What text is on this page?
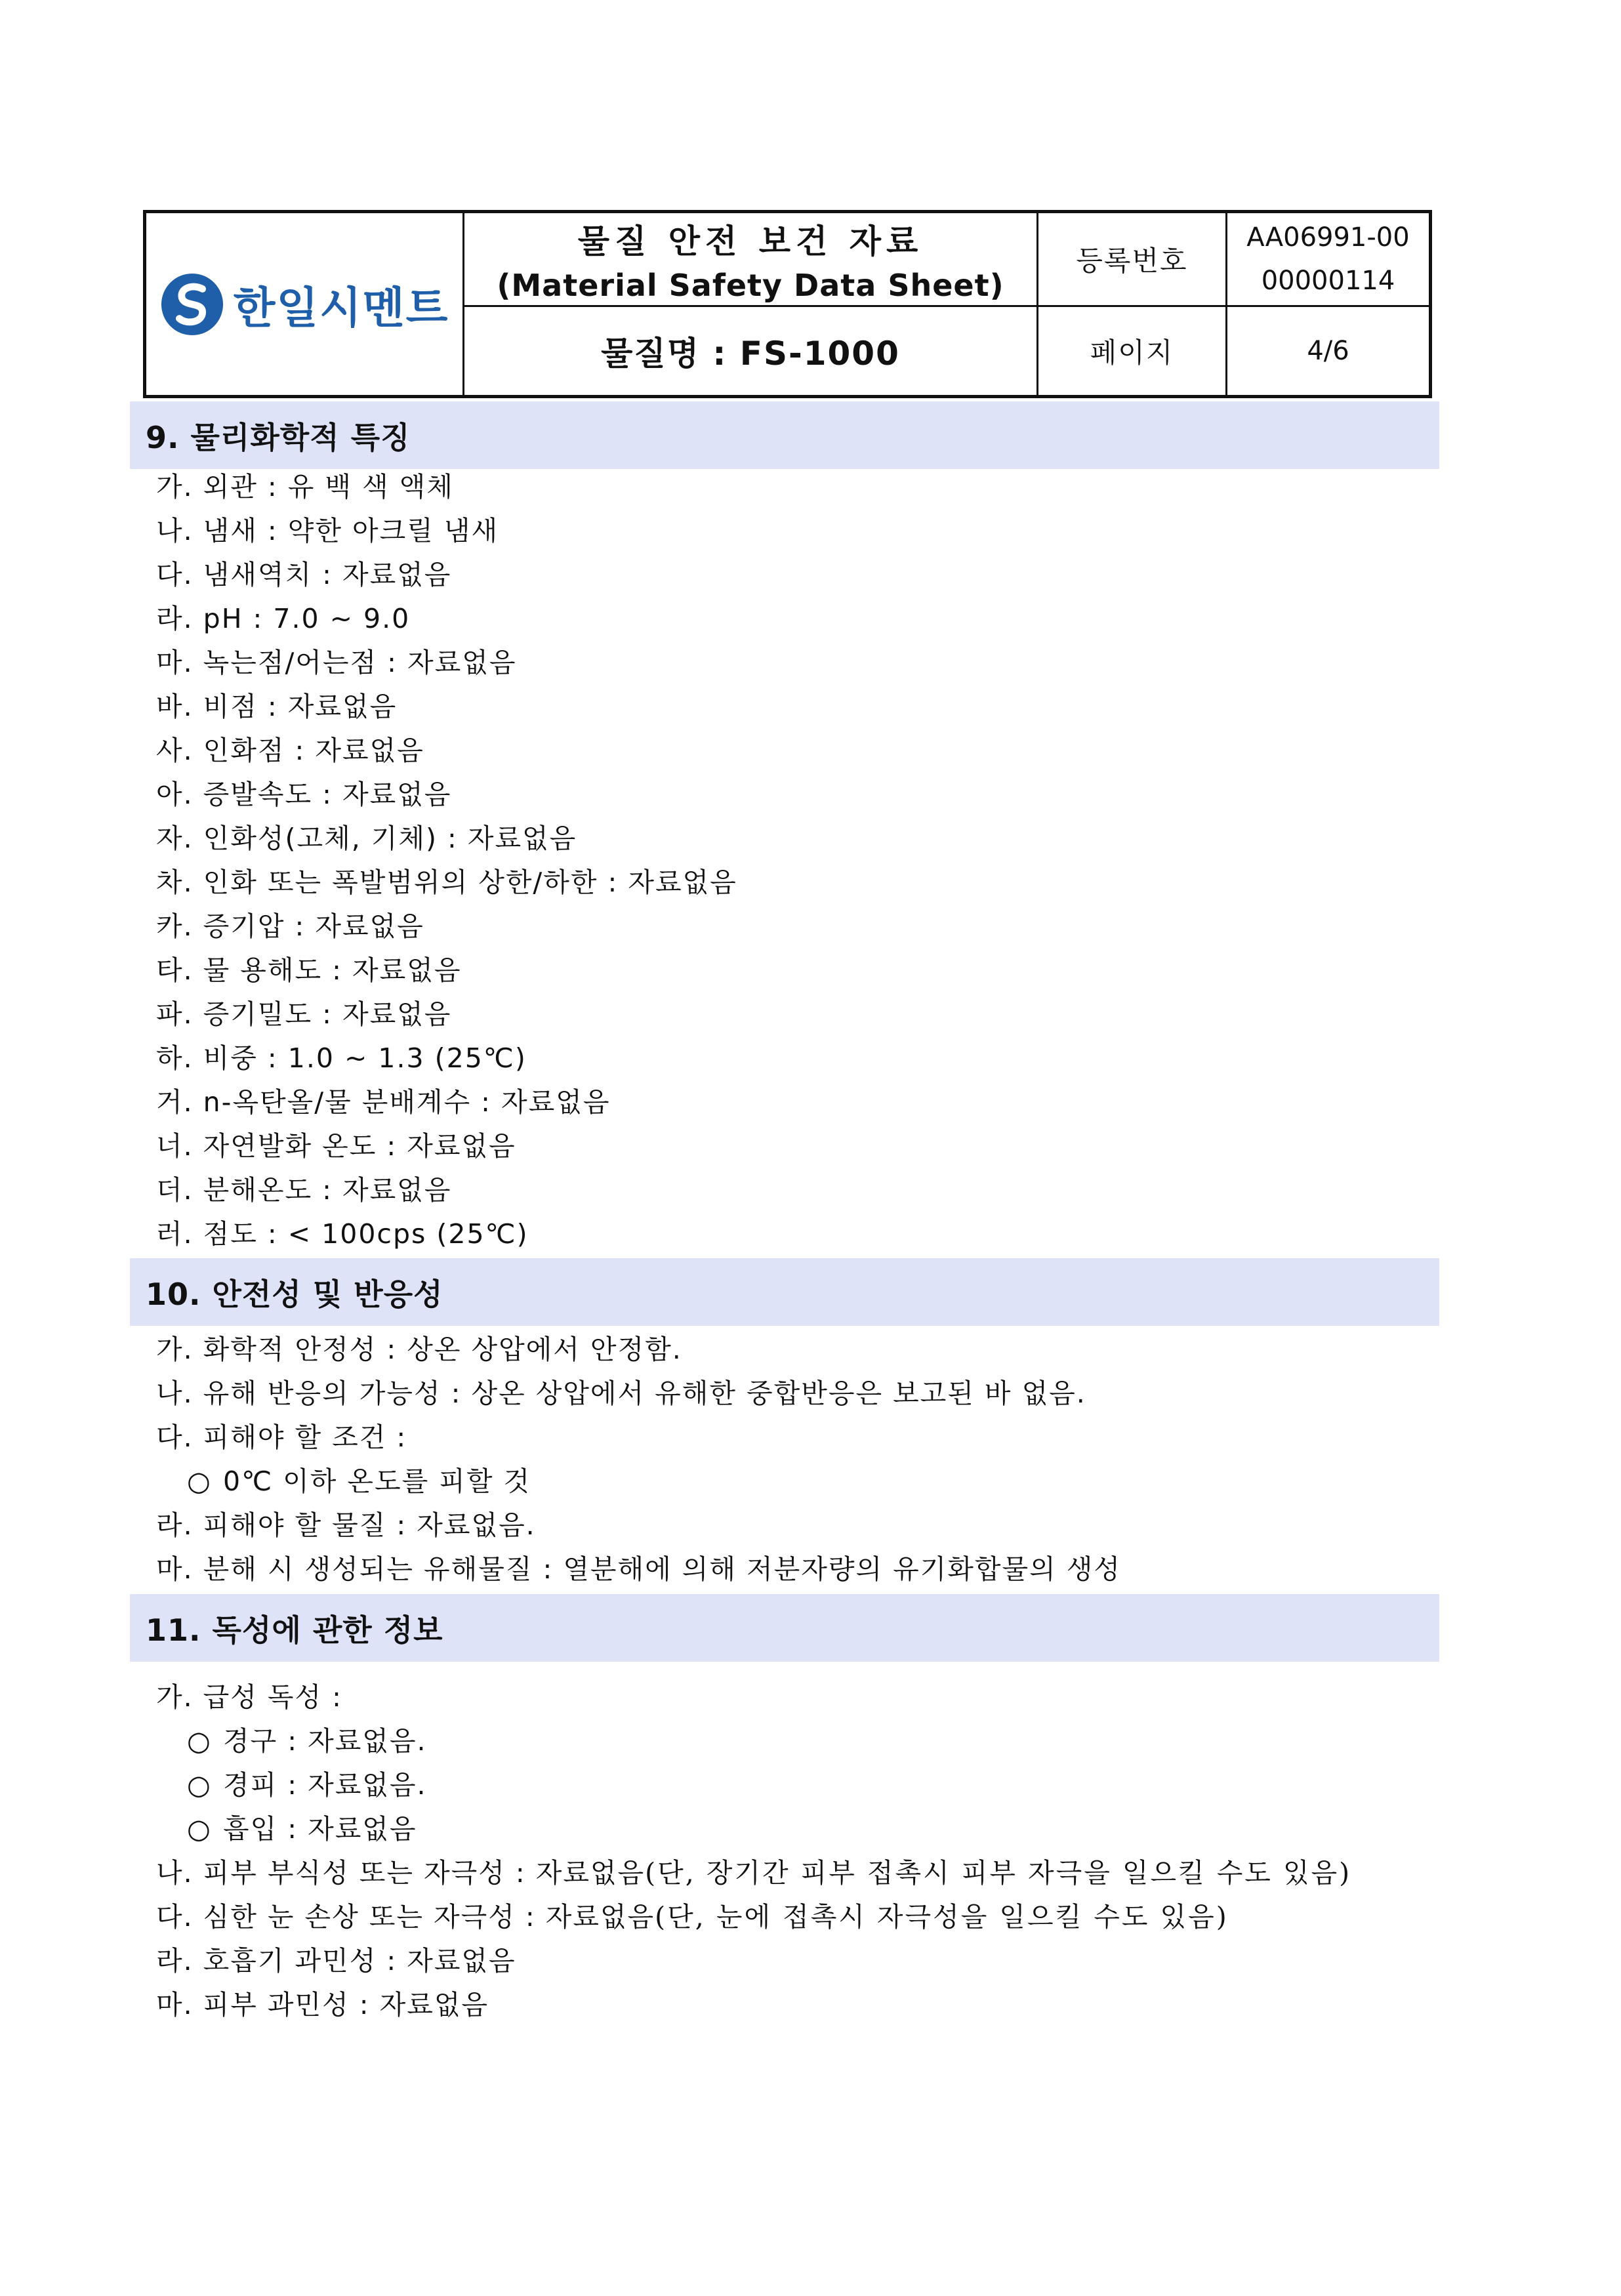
한일시멘트
물질 안전 보건 자료
(Material Safety Data Sheet)
물질명 : FS-1000
등록번호
AA06991-00
00000114
페이지	4/6
9. 물리화학적 특징
가. 외관 : 유 백 색 액체
나. 냄새 : 약한 아크릴 냄새
다. 냄새역치 : 자료없음
라. pH : 7.0 ~ 9.0
마. 녹는점/어는점 : 자료없음
바. 비점 : 자료없음
사. 인화점 : 자료없음
아. 증발속도 : 자료없음
자. 인화성(고체, 기체) : 자료없음
차. 인화 또는 폭발범위의 상한/하한 : 자료없음
카. 증기압 : 자료없음
타. 물 용해도 : 자료없음
파. 증기밀도 : 자료없음
하. 비중 : 1.0 ~ 1.3 (25℃)
거. n-옥탄올/물 분배계수 : 자료없음
너. 자연발화 온도 : 자료없음
더. 분해온도 : 자료없음
러. 점도 : < 100cps (25℃)
10. 안전성 및 반응성
가. 화학적 안정성 : 상온 상압에서 안정함.
나. 유해 반응의 가능성 : 상온 상압에서 유해한 중합반응은 보고된 바 없음.
다. 피해야 할 조건 :
○ 0℃ 이하 온도를 피할 것
라. 피해야 할 물질 : 자료없음.
마. 분해 시 생성되는 유해물질 : 열분해에 의해 저분자량의 유기화합물의 생성
11. 독성에 관한 정보
가. 급성 독성 :
○ 경구 : 자료없음.
○ 경피 : 자료없음.
○ 흡입 : 자료없음
나. 피부 부식성 또는 자극성 : 자료없음(단, 장기간 피부 접촉시 피부 자극을 일으킬 수도 있음)
다. 심한 눈 손상 또는 자극성 : 자료없음(단, 눈에 접촉시 자극성을 일으킬 수도 있음)
라. 호흡기 과민성 : 자료없음
마. 피부 과민성 : 자료없음
